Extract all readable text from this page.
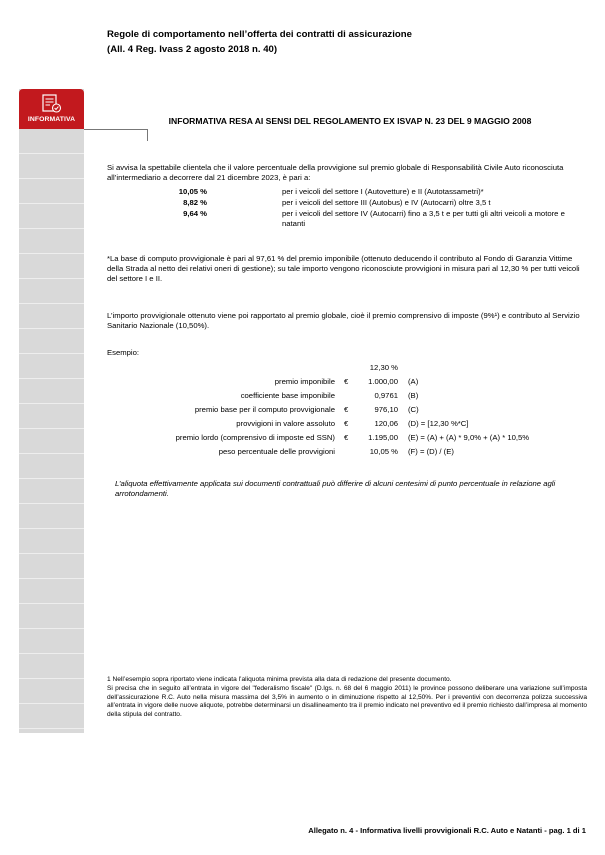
Regole di comportamento nell’offerta dei contratti di assicurazione
(All. 4 Reg. Ivass 2 agosto 2018 n. 40)
INFORMATIVA	INFORMATIVA RESA AI SENSI DEL REGOLAMENTO EX ISVAP N. 23 DEL 9 MAGGIO 2008
Si avvisa la spettabile clientela che il valore percentuale della provvigione sul premio globale di Responsabilità Civile Auto riconosciuta all’intermediario a decorrere dal 21 dicembre 2023, è pari a:
10,05 %	per i veicoli del settore I (Autovetture) e II (Autotassametri)*
8,82 %	per i veicoli del settore III (Autobus) e IV (Autocarri) oltre 3,5 t
9,64 %	per i veicoli del settore IV (Autocarri) fino a 3,5 t e per tutti gli altri veicoli a motore e natanti
*La base di computo provvigionale è pari al 97,61 % del premio imponibile (ottenuto deducendo il contributo al Fondo di Garanzia Vittime della Strada al netto dei relativi oneri di gestione); su tale importo vengono riconosciute provvigioni in misura pari al 12,30 % per tutti veicoli del settore I e II.
L’importo provvigionale ottenuto viene poi rapportato al premio globale, cioè il premio comprensivo di imposte (9%¹) e contributo al Servizio Sanitario Nazionale (10,50%).
Esempio:
12,30 %
premio imponibile €	1.000,00 (A)
coefficiente base imponibile	0,9761 (B)
premio base per il computo provvigionale €	976,10 (C)
provvigioni in valore assoluto €	120,06 (D) = [12,30 %*C]
premio lordo (comprensivo di imposte ed SSN) €	1.195,00 (E) = (A) + (A) * 9,0% + (A) * 10,5%
peso percentuale delle provvigioni	10,05 % (F) = (D) / (E)
L’aliquota effettivamente applicata sui documenti contrattuali può differire di alcuni centesimi di punto percentuale in relazione agli arrotondamenti.
1 Nell’esempio sopra riportato viene indicata l’aliquota minima prevista alla data di redazione del presente documento.
Si precisa che in seguito all’entrata in vigore del "federalismo fiscale" (D.lgs. n. 68 del 6 maggio 2011) le province possono deliberare una variazione sull’imposta dell’assicurazione R.C. Auto nella misura massima del 3,5% in aumento o in diminuzione rispetto al 12,50%. Per i preventivi con decorrenza polizza successiva all’entrata in vigore delle nuove aliquote, potrebbe determinarsi un disallineamento tra il premio indicato nel preventivo ed il premio richiesto dall’impresa al momento della stipula del contratto.
Allegato n. 4 - Informativa livelli provvigionali R.C. Auto e Natanti - pag. 1 di 1
